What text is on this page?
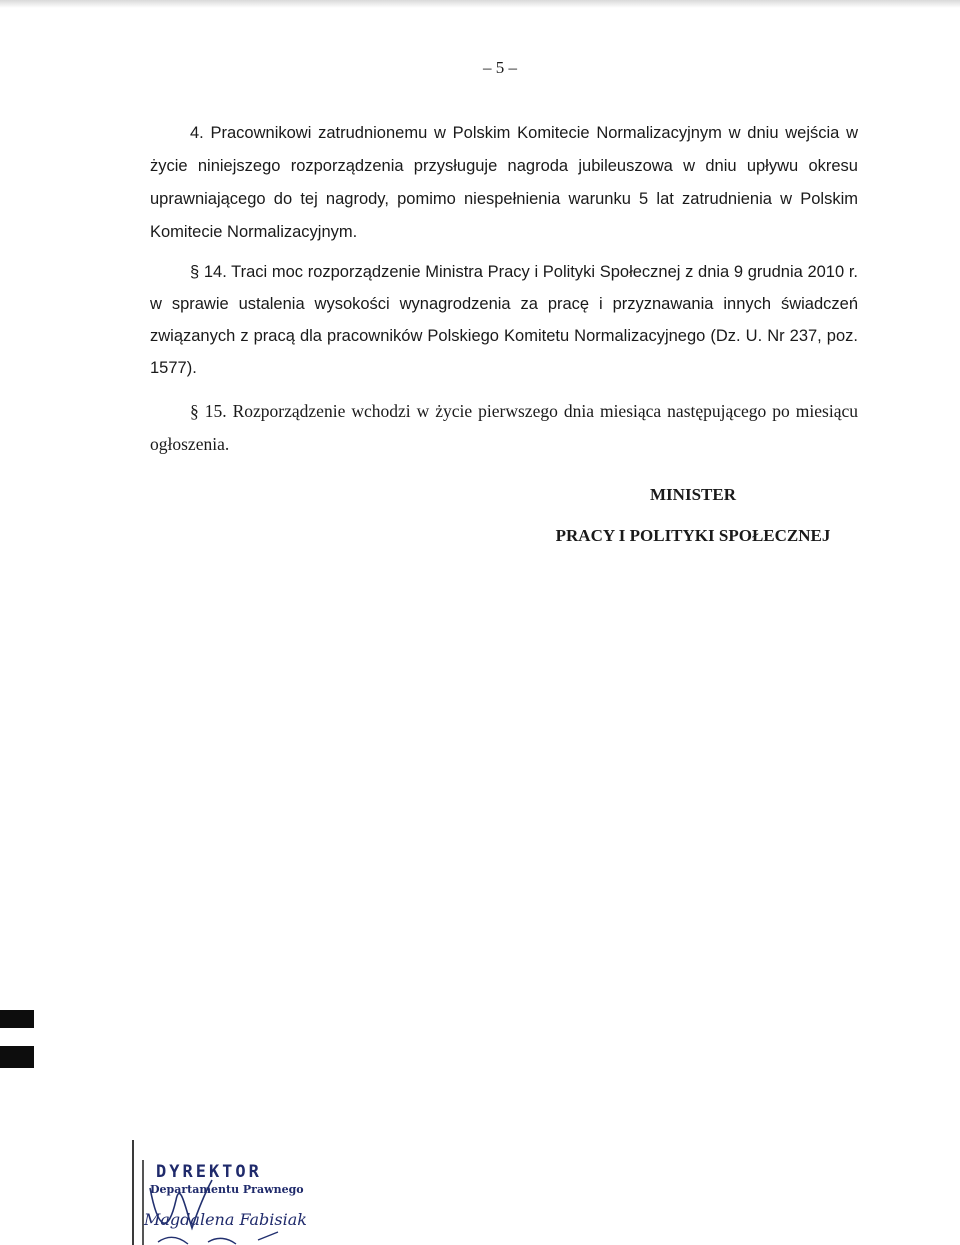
– 5 –

4. Pracownikowi zatrudnionemu w Polskim Komitecie Normalizacyjnym w dniu wejścia w życie niniejszego rozporządzenia przysługuje nagroda jubileuszowa w dniu upływu okresu uprawniającego do tej nagrody, pomimo niespełnienia warunku 5 lat zatrudnienia w Polskim Komitecie Normalizacyjnym.

§ 14. Traci moc rozporządzenie Ministra Pracy i Polityki Społecznej z dnia 9 grudnia 2010 r. w sprawie ustalenia wysokości wynagrodzenia za pracę i przyznawania innych świadczeń związanych z pracą dla pracowników Polskiego Komitetu Normalizacyjnego (Dz. U. Nr 237, poz. 1577).

§ 15. Rozporządzenie wchodzi w życie pierwszego dnia miesiąca następującego po miesiącu ogłoszenia.

MINISTER
PRACY I POLITYKI SPOŁECZNEJ
DYREKTOR
Departamentu Prawnego
Magdalena Fabisiak
